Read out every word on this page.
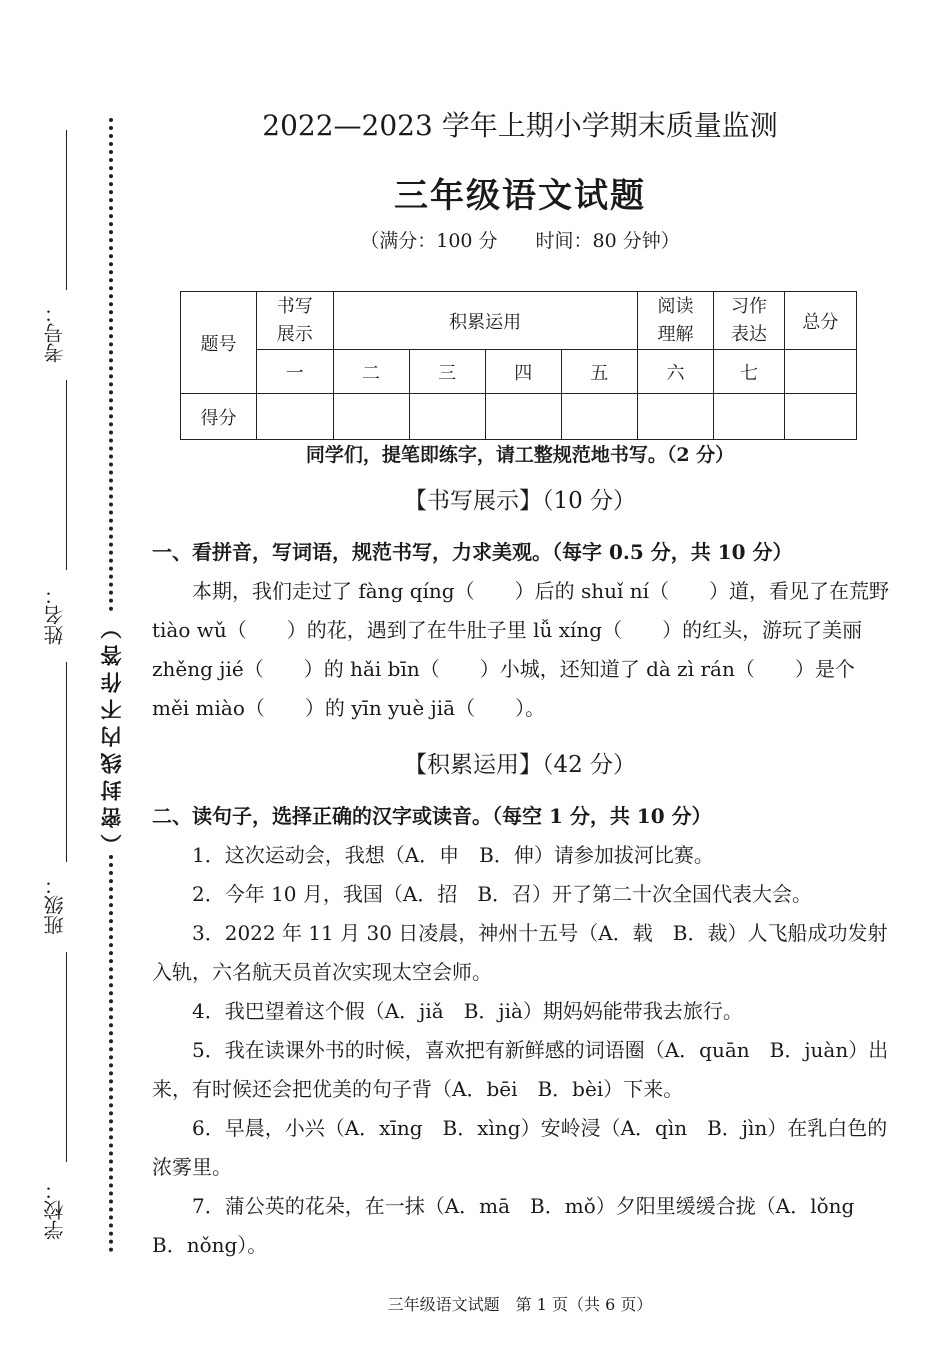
考号：
姓名：
班级：
学校：
（密封线内不作答）
2022—2023 学年上期小学期末质量监测
三年级语文试题
（满分：100 分　　时间：80 分钟）
题号	书写展示	积累运用				阅读理解	习作表达	总分
	一	二	三	四	五	六	七	
得分								
同学们，提笔即练字，请工整规范地书写。（2 分）
【书写展示】（10 分）
一、看拼音，写词语，规范书写，力求美观。（每字 0.5 分，共 10 分）

本期，我们走过了 fàng qíng（　　）后的 shuǐ ní（　　）道，看见了在荒野 tiào wǔ（　　）的花，遇到了在牛肚子里 lǚ xíng（　　）的红头，游玩了美丽 zhěng jié（　　）的 hǎi bīn（　　）小城，还知道了 dà zì rán（　　）是个 měi miào（　　）的 yīn yuè jiā（　　）。

【积累运用】（42 分）
二、读句子，选择正确的汉字或读音。（每空 1 分，共 10 分）

1．这次运动会，我想（A．申　B．伸）请参加拔河比赛。

2．今年 10 月，我国（A．招　B．召）开了第二十次全国代表大会。

3．2022 年 11 月 30 日凌晨，神州十五号（A．载　B．裁）人飞船成功发射入轨，六名航天员首次实现太空会师。

4．我巴望着这个假（A．jiǎ　B．jià）期妈妈能带我去旅行。

5．我在读课外书的时候，喜欢把有新鲜感的词语圈（A．quān　B．juàn）出来，有时候还会把优美的句子背（A．bēi　B．bèi）下来。

6．早晨，小兴（A．xīng　B．xìng）安岭浸（A．qìn　B．jìn）在乳白色的浓雾里。

7．蒲公英的花朵，在一抹（A．mā　B．mǒ）夕阳里缓缓合拢（A．lǒng B．nǒng）。

三年级语文试题　第 1 页（共 6 页）
